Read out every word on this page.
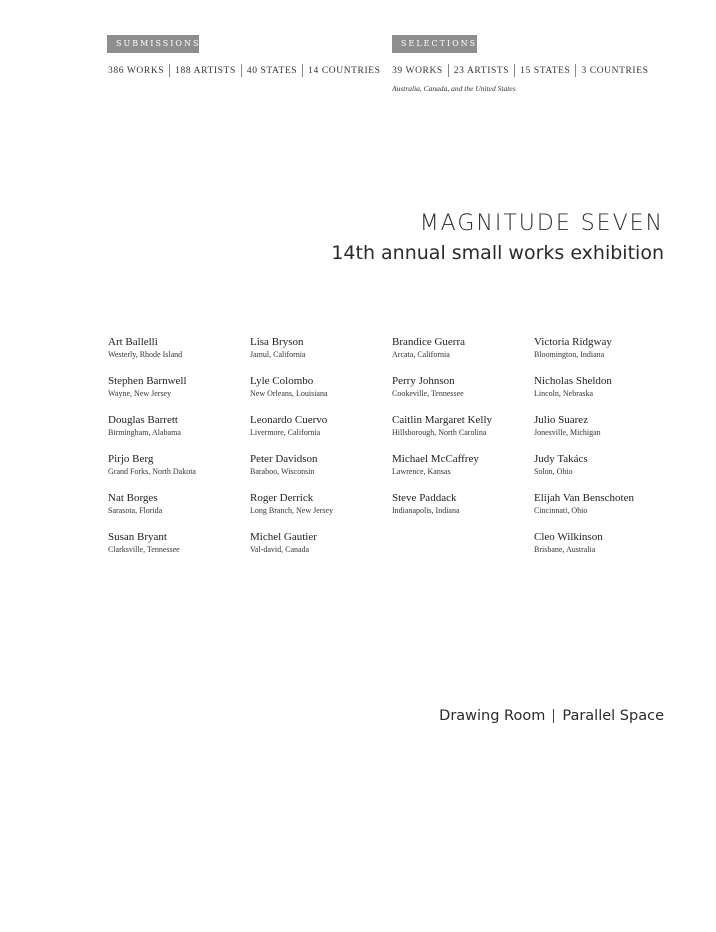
SUBMISSIONS
386 WORKS 188 ARTISTS 40 STATES 14 COUNTRIES
SELECTIONS
39 WORKS 23 ARTISTS 15 STATES 3 COUNTRIES
Australia, Canada, and the United States
MAGNITUDE SEVEN
14th annual small works exhibition
Art Ballelli
Westerly, Rhode Island
Lisa Bryson
Jamul, California
Brandice Guerra
Arcata, California
Victoria Ridgway
Bloomington, Indiana
Stephen Barnwell
Wayne, New Jersey
Lyle Colombo
New Orleans, Louisiana
Perry Johnson
Cookeville, Tennessee
Nicholas Sheldon
Lincoln, Nebraska
Douglas Barrett
Birmingham, Alabama
Leonardo Cuervo
Livermore, California
Caitlin Margaret Kelly
Hillsborough, North Carolina
Julio Suarez
Jonesville, Michigan
Pirjo Berg
Grand Forks, North Dakota
Peter Davidson
Baraboo, Wisconsin
Michael McCaffrey
Lawrence, Kansas
Judy Takács
Solon, Ohio
Nat Borges
Sarasota, Florida
Roger Derrick
Long Branch, New Jersey
Steve Paddack
Indianapolis, Indiana
Elijah Van Benschoten
Cincinnati, Ohio
Susan Bryant
Clarksville, Tennessee
Michel Gautier
Val-david, Canada
Cleo Wilkinson
Brisbane, Australia
Drawing Room Parallel Space
